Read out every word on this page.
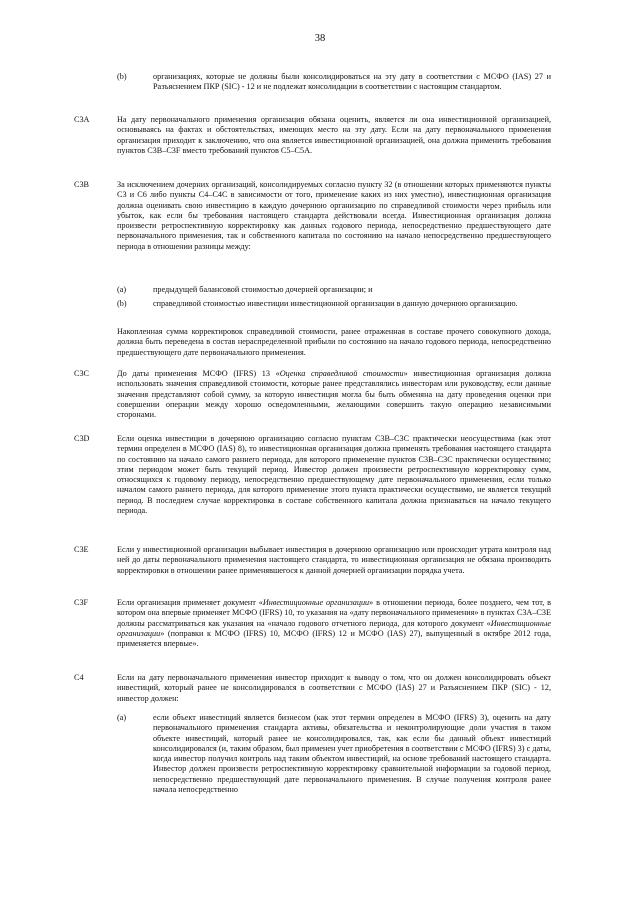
38
(b)	организациях, которые не должны были консолидироваться на эту дату в соответствии с МСФО (IAS) 27 и Разъяснением ПКР (SIC) - 12 и не подлежат консолидации в соответствии с настоящим стандартом.
C3A	На дату первоначального применения организация обязана оценить, является ли она инвестиционной организацией, основываясь на фактах и обстоятельствах, имеющих место на эту дату. Если на дату первоначального применения организация приходит к заключению, что она является инвестиционной организацией, она должна применить требования пунктов C3B–C3F вместо требований пунктов C5–C5A.
C3B	За исключением дочерних организаций, консолидируемых согласно пункту 32 (в отношении которых применяются пункты C3 и C6 либо пункты C4–C4C в зависимости от того, применение каких из них уместно), инвестиционная организация должна оценивать свою инвестицию в каждую дочернюю организацию по справедливой стоимости через прибыль или убыток, как если бы требования настоящего стандарта действовали всегда. Инвестиционная организация должна произвести ретроспективную корректировку как данных годового периода, непосредственно предшествующего дате первоначального применения, так и собственного капитала по состоянию на начало непосредственно предшествующего периода в отношении разницы между:
(a)	предыдущей балансовой стоимостью дочерней организации; и
(b)	справедливой стоимостью инвестиции инвестиционной организации в данную дочернюю организацию.
Накопленная сумма корректировок справедливой стоимости, ранее отраженная в составе прочего совокупного дохода, должна быть переведена в состав нераспределенной прибыли по состоянию на начало годового периода, непосредственно предшествующего дате первоначального применения.
C3C	До даты применения МСФО (IFRS) 13 «Оценка справедливой стоимости» инвестиционная организация должна использовать значения справедливой стоимости, которые ранее представлялись инвесторам или руководству, если данные значения представляют собой сумму, за которую инвестиция могла бы быть обменяна на дату проведения оценки при совершении операции между хорошо осведомленными, желающими совершить такую операцию независимыми сторонами.
C3D	Если оценка инвестиции в дочернюю организацию согласно пунктам C3B–C3C практически неосуществима (как этот термин определен в МСФО (IAS) 8), то инвестиционная организация должна применять требования настоящего стандарта по состоянию на начало самого раннего периода, для которого применение пунктов C3B–C3C практически осуществимо; этим периодом может быть текущий период. Инвестор должен произвести ретроспективную корректировку сумм, относящихся к годовому периоду, непосредственно предшествующему дате первоначального применения, если только началом самого раннего периода, для которого применение этого пункта практически осуществимо, не является текущий период. В последнем случае корректировка в составе собственного капитала должна признаваться на начало текущего периода.
C3E	Если у инвестиционной организации выбывает инвестиция в дочернюю организацию или происходит утрата контроля над ней до даты первоначального применения настоящего стандарта, то инвестиционная организация не обязана производить корректировки в отношении ранее применявшегося к данной дочерней организации порядка учета.
C3F	Если организация применяет документ «Инвестиционные организации» в отношении периода, более позднего, чем тот, в котором она впервые применяет МСФО (IFRS) 10, то указания на «дату первоначального применения» в пунктах C3A–C3E должны рассматриваться как указания на «начало годового отчетного периода, для которого документ «Инвестиционные организации» (поправки к МСФО (IFRS) 10, МСФО (IFRS) 12 и МСФО (IAS) 27), выпущенный в октябре 2012 года, применяется впервые».
C4	Если на дату первоначального применения инвестор приходит к выводу о том, что он должен консолидировать объект инвестиций, который ранее не консолидировался в соответствии с МСФО (IAS) 27 и Разъяснением ПКР (SIC) - 12, инвестор должен:
(a)	если объект инвестиций является бизнесом (как этот термин определен в МСФО (IFRS) 3), оценить на дату первоначального применения стандарта активы, обязательства и неконтролирующие доли участия в таком объекте инвестиций, который ранее не консолидировался, так, как если бы данный объект инвестиций консолидировался (и, таким образом, был применен учет приобретения в соответствии с МСФО (IFRS) 3) с даты, когда инвестор получил контроль над таким объектом инвестиций, на основе требований настоящего стандарта. Инвестор должен произвести ретроспективную корректировку сравнительной информации за годовой период, непосредственно предшествующий дате первоначального применения. В случае получения контроля ранее начала непосредственно
